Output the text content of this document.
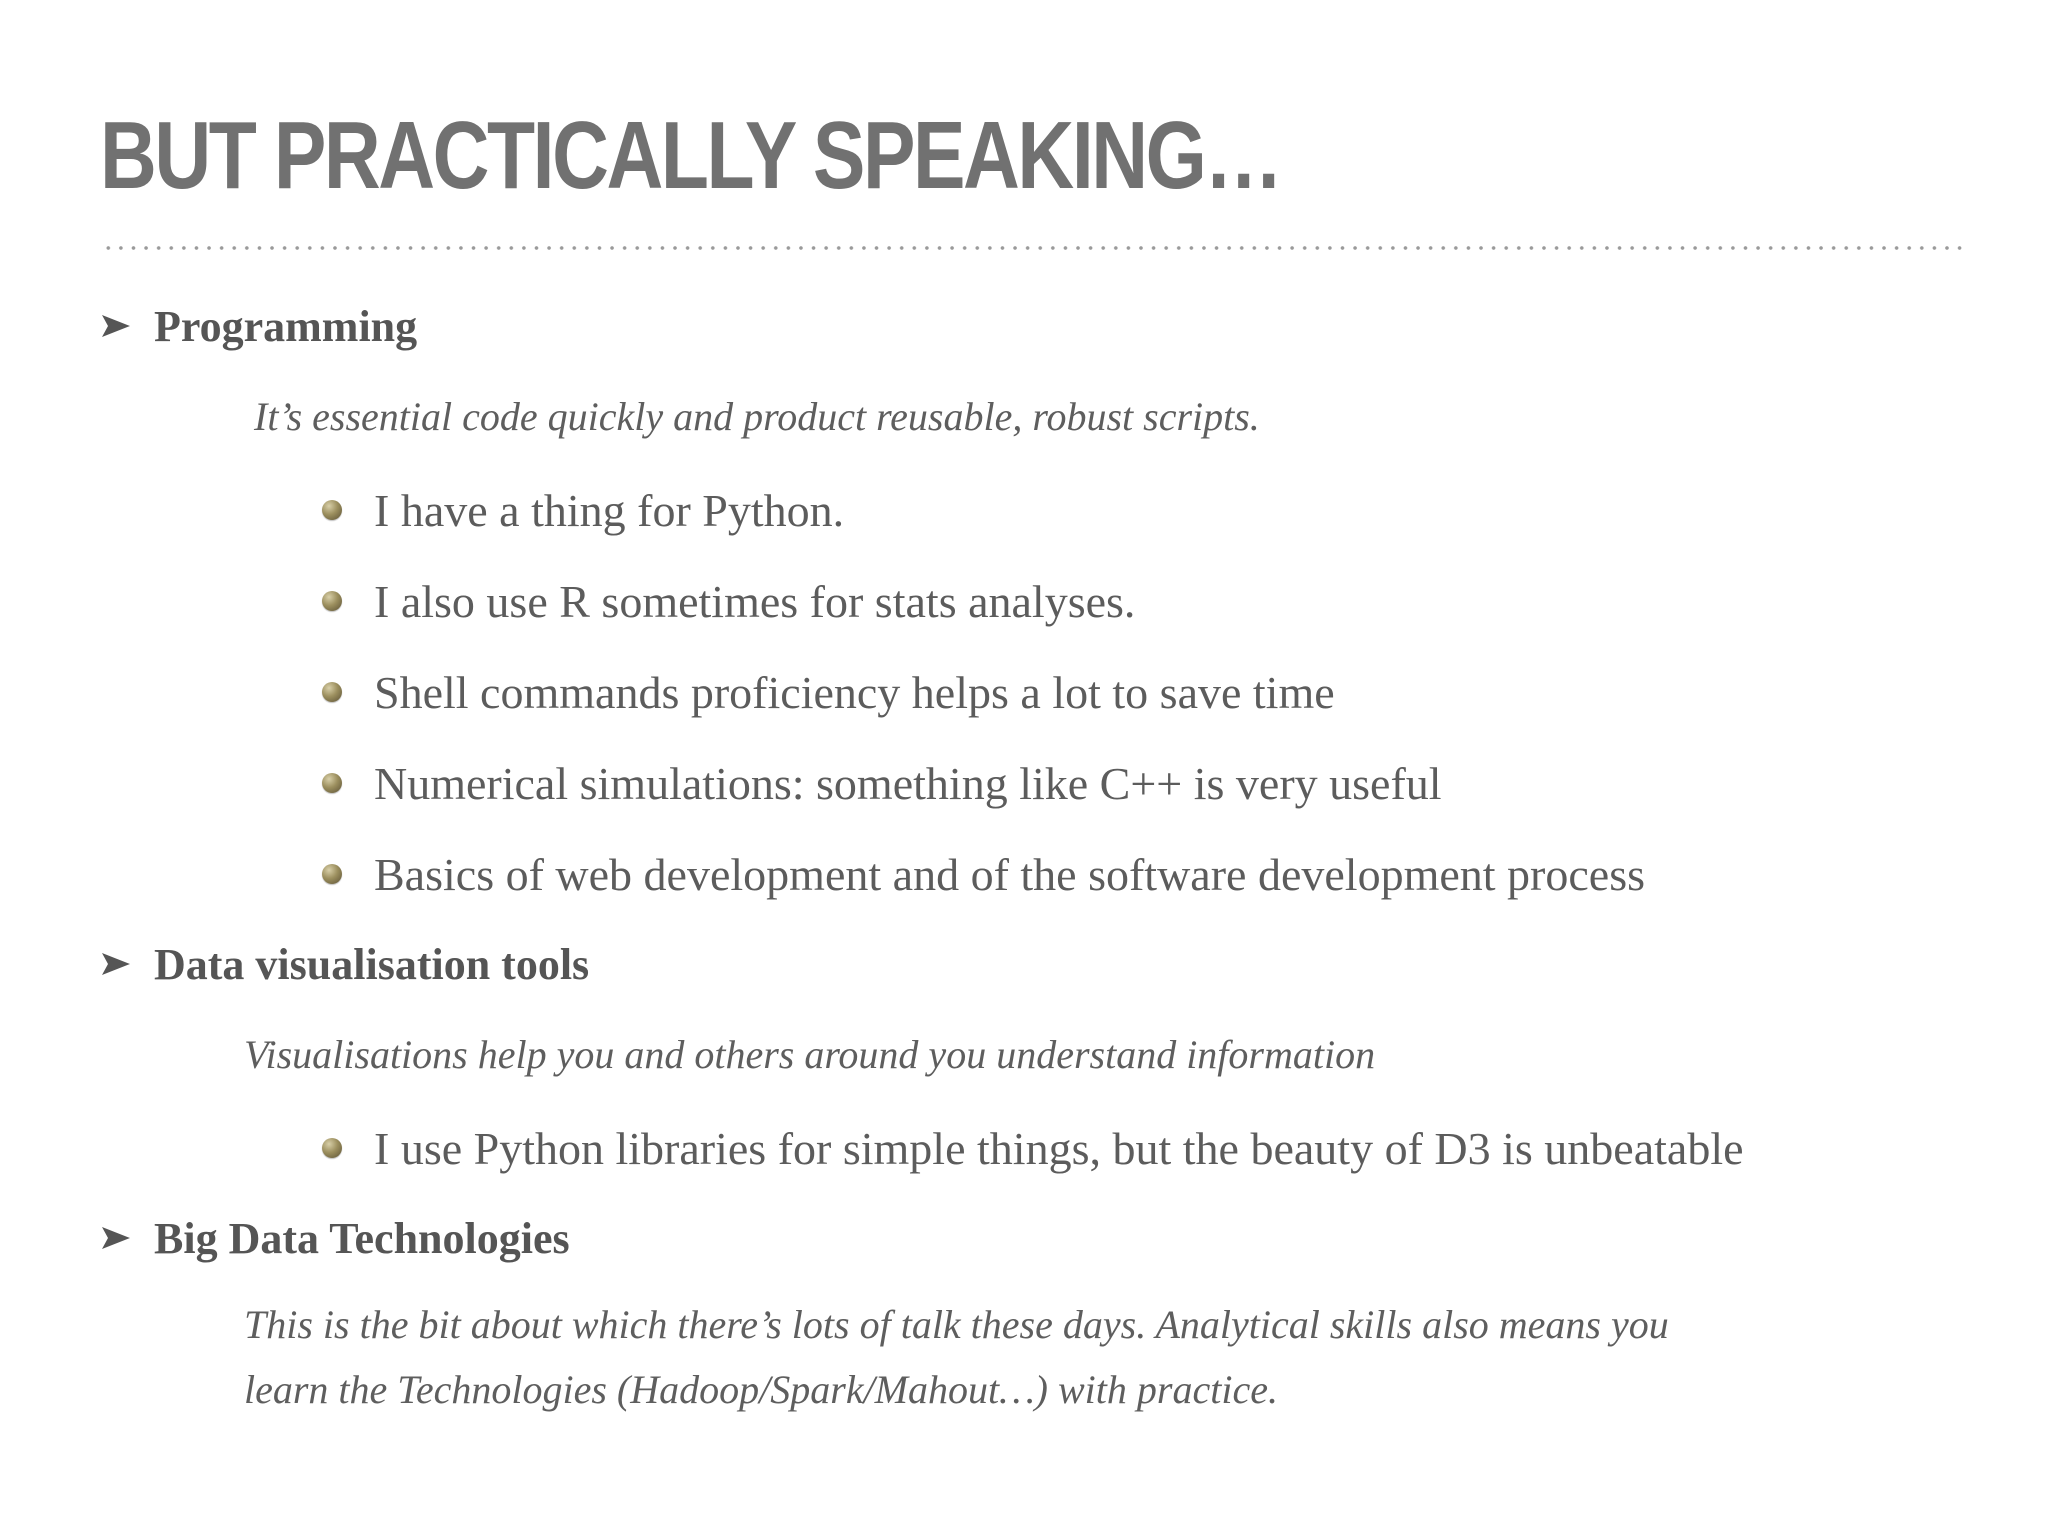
BUT PRACTICALLY SPEAKING…
Programming
It’s essential code quickly and product reusable, robust scripts.
I have a thing for Python.
I also use R sometimes for stats analyses.
Shell commands proficiency helps a lot to save time
Numerical simulations: something like C++ is very useful
Basics of web development and of the software development process
Data visualisation tools
Visualisations help you and others around you understand information
I use Python libraries for simple things, but the beauty of D3 is unbeatable
Big Data Technologies
This is the bit about which there’s lots of talk these days. Analytical skills also means you
learn the Technologies (Hadoop/Spark/Mahout…) with practice.
